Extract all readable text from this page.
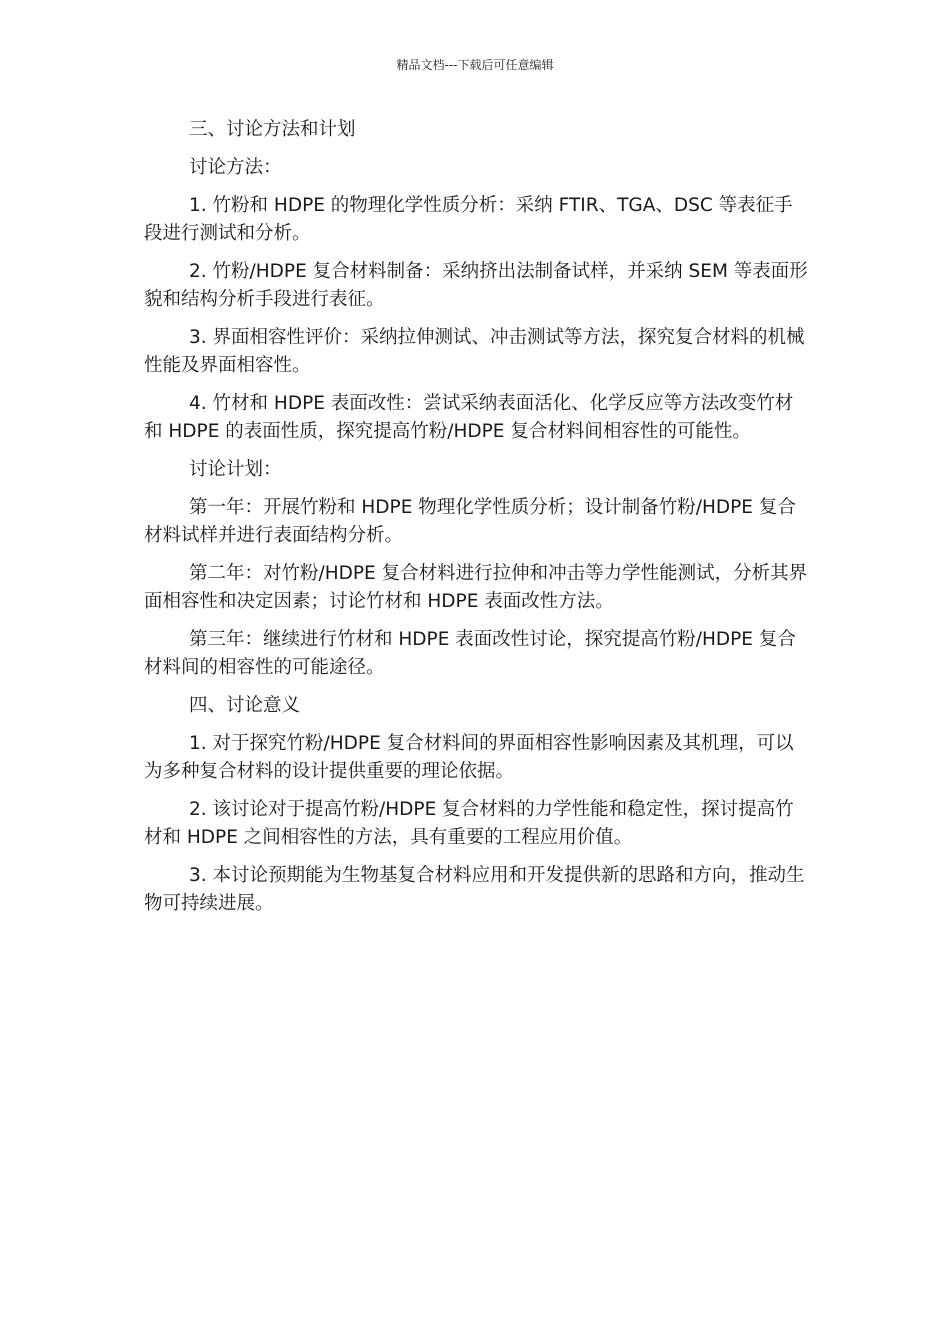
精品文档---下载后可任意编辑

三、讨论方法和计划

讨论方法：

1. 竹粉和 HDPE 的物理化学性质分析：采纳 FTIR、TGA、DSC 等表征手段进行测试和分析。

2. 竹粉/HDPE 复合材料制备：采纳挤出法制备试样，并采纳 SEM 等表面形貌和结构分析手段进行表征。

3. 界面相容性评价：采纳拉伸测试、冲击测试等方法，探究复合材料的机械性能及界面相容性。

4. 竹材和 HDPE 表面改性：尝试采纳表面活化、化学反应等方法改变竹材和 HDPE 的表面性质，探究提高竹粉/HDPE 复合材料间相容性的可能性。

讨论计划：

第一年：开展竹粉和 HDPE 物理化学性质分析；设计制备竹粉/HDPE 复合材料试样并进行表面结构分析。

第二年：对竹粉/HDPE 复合材料进行拉伸和冲击等力学性能测试，分析其界面相容性和决定因素；讨论竹材和 HDPE 表面改性方法。

第三年：继续进行竹材和 HDPE 表面改性讨论，探究提高竹粉/HDPE 复合材料间的相容性的可能途径。

四、讨论意义

1. 对于探究竹粉/HDPE 复合材料间的界面相容性影响因素及其机理，可以为多种复合材料的设计提供重要的理论依据。

2. 该讨论对于提高竹粉/HDPE 复合材料的力学性能和稳定性，探讨提高竹材和 HDPE 之间相容性的方法，具有重要的工程应用价值。

3. 本讨论预期能为生物基复合材料应用和开发提供新的思路和方向，推动生物可持续进展。
